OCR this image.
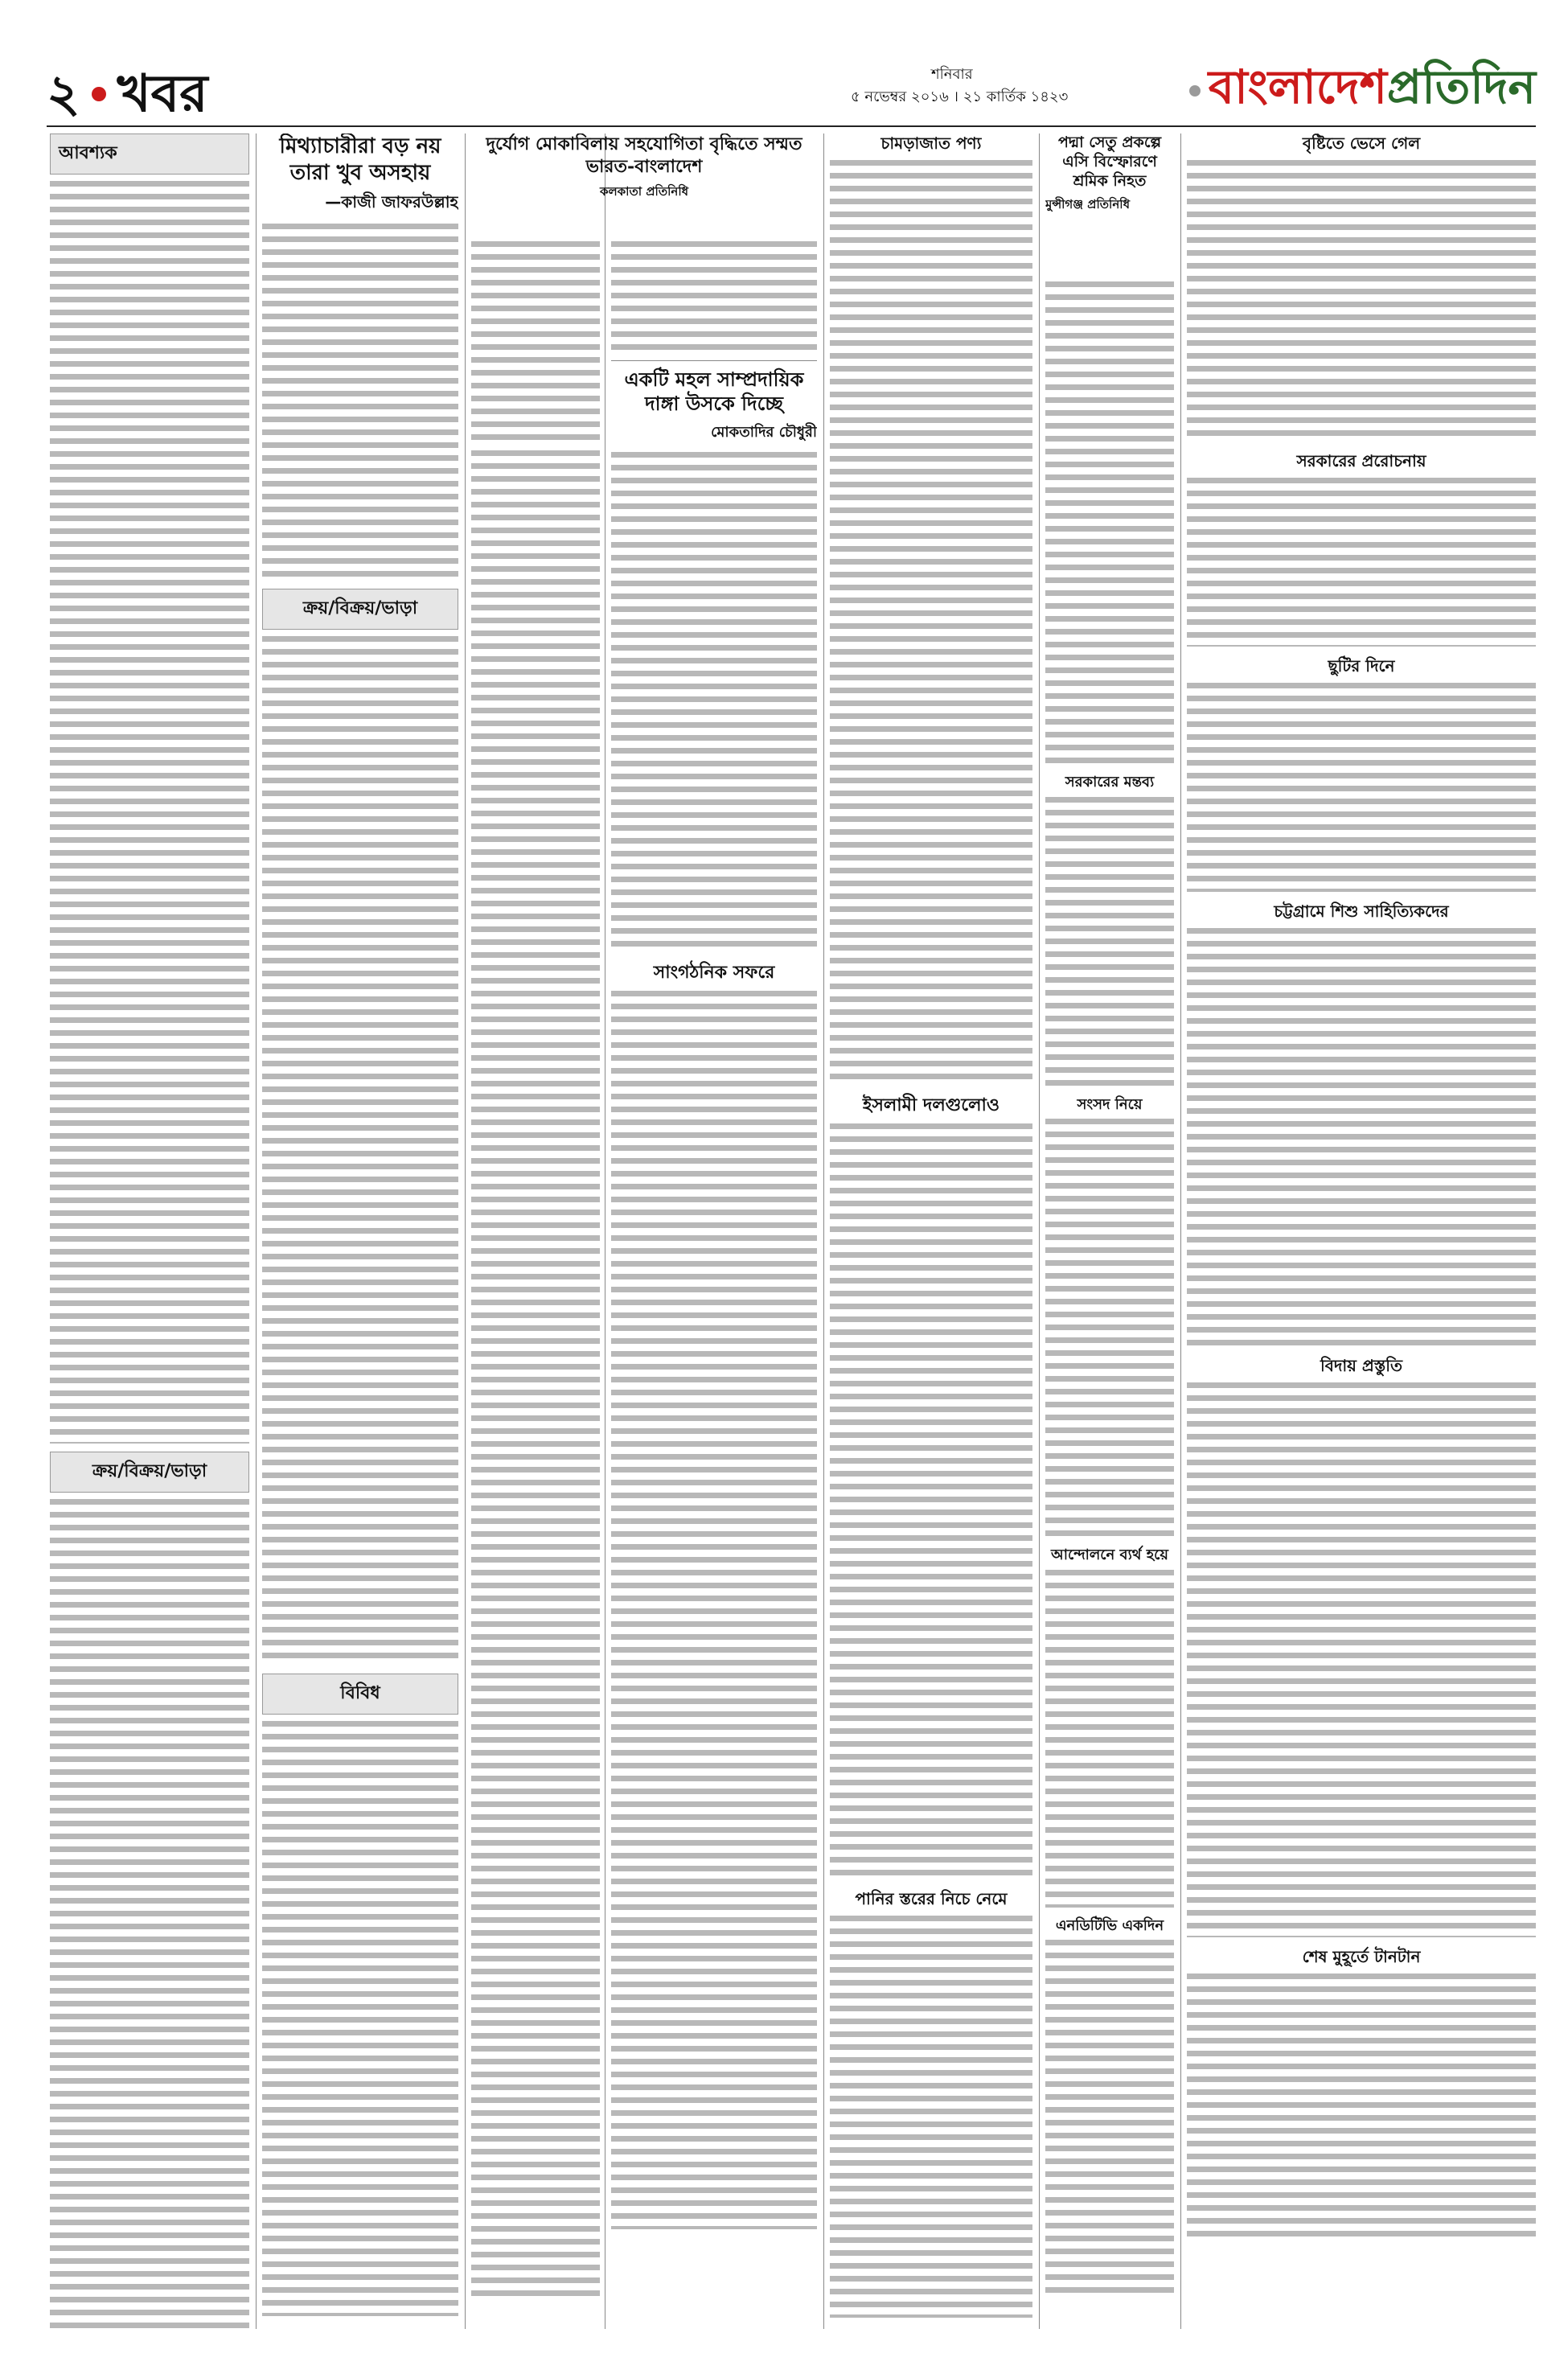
২ খবর	শনিবার
৫ নভেম্বর ২০১৬ । ২১ কার্তিক ১৪২৩	বাংলাদেশপ্রতিদিন
আবশ্যক
ক্রয়/বিক্রয়/ভাড়া
মিথ্যাচারীরা বড় নয় তারা খুব অসহায়
—কাজী জাফরউল্লাহ
ক্রয়/বিক্রয়/ভাড়া
বিবিধ
দুর্যোগ মোকাবিলায় সহযোগিতা বৃদ্ধিতে সম্মত ভারত-বাংলাদেশ
কলকাতা প্রতিনিধি
একটি মহল সাম্প্রদায়িক দাঙ্গা উসকে দিচ্ছে
মোকতাদির চৌধুরী
সাংগঠনিক সফরে
চামড়াজাত পণ্য
ইসলামী দলগুলোও
পানির স্তরের নিচে নেমে
পদ্মা সেতু প্রকল্পে এসি বিস্ফোরণে শ্রমিক নিহত
মুন্সীগঞ্জ প্রতিনিধি
সরকারের মন্তব্য
সংসদ নিয়ে
আন্দোলনে ব্যর্থ হয়ে
এনডিটিভি একদিন
বৃষ্টিতে ভেসে গেল
সরকারের প্ররোচনায়
ছুটির দিনে
চট্টগ্রামে শিশু সাহিত্যিকদের
বিদায় প্রস্তুতি
শেষ মুহূর্তে টানটান
